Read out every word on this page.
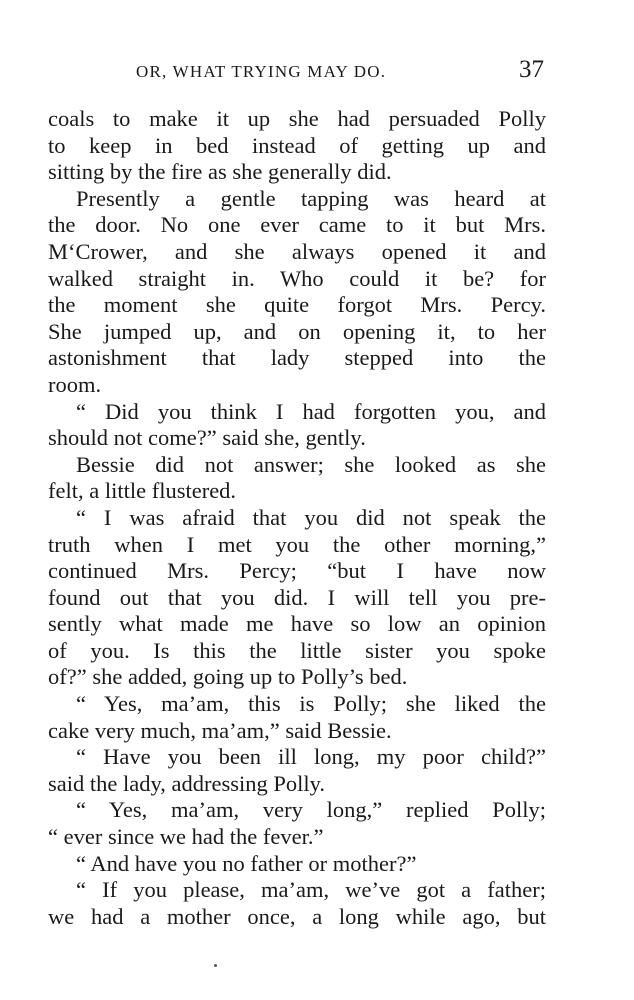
OR, WHAT TRYING MAY DO.	37
coals to make it up she had persuaded Polly
to keep in bed instead of getting up and
sitting by the fire as she generally did.
Presently a gentle tapping was heard at
the door. No one ever came to it but Mrs.
M‘Crower, and she always opened it and
walked straight in. Who could it be? for
the moment she quite forgot Mrs. Percy.
She jumped up, and on opening it, to her
astonishment that lady stepped into the
room.
“ Did you think I had forgotten you, and
should not come?” said she, gently.
Bessie did not answer; she looked as she
felt, a little flustered.
“ I was afraid that you did not speak the
truth when I met you the other morning,”
continued Mrs. Percy; “but I have now
found out that you did. I will tell you pre-
sently what made me have so low an opinion
of you. Is this the little sister you spoke
of?” she added, going up to Polly’s bed.
“ Yes, ma’am, this is Polly; she liked the
cake very much, ma’am,” said Bessie.
“ Have you been ill long, my poor child?”
said the lady, addressing Polly.
“ Yes, ma’am, very long,” replied Polly;
“ ever since we had the fever.”
“ And have you no father or mother?”
“ If you please, ma’am, we’ve got a father;
we had a mother once, a long while ago, but
